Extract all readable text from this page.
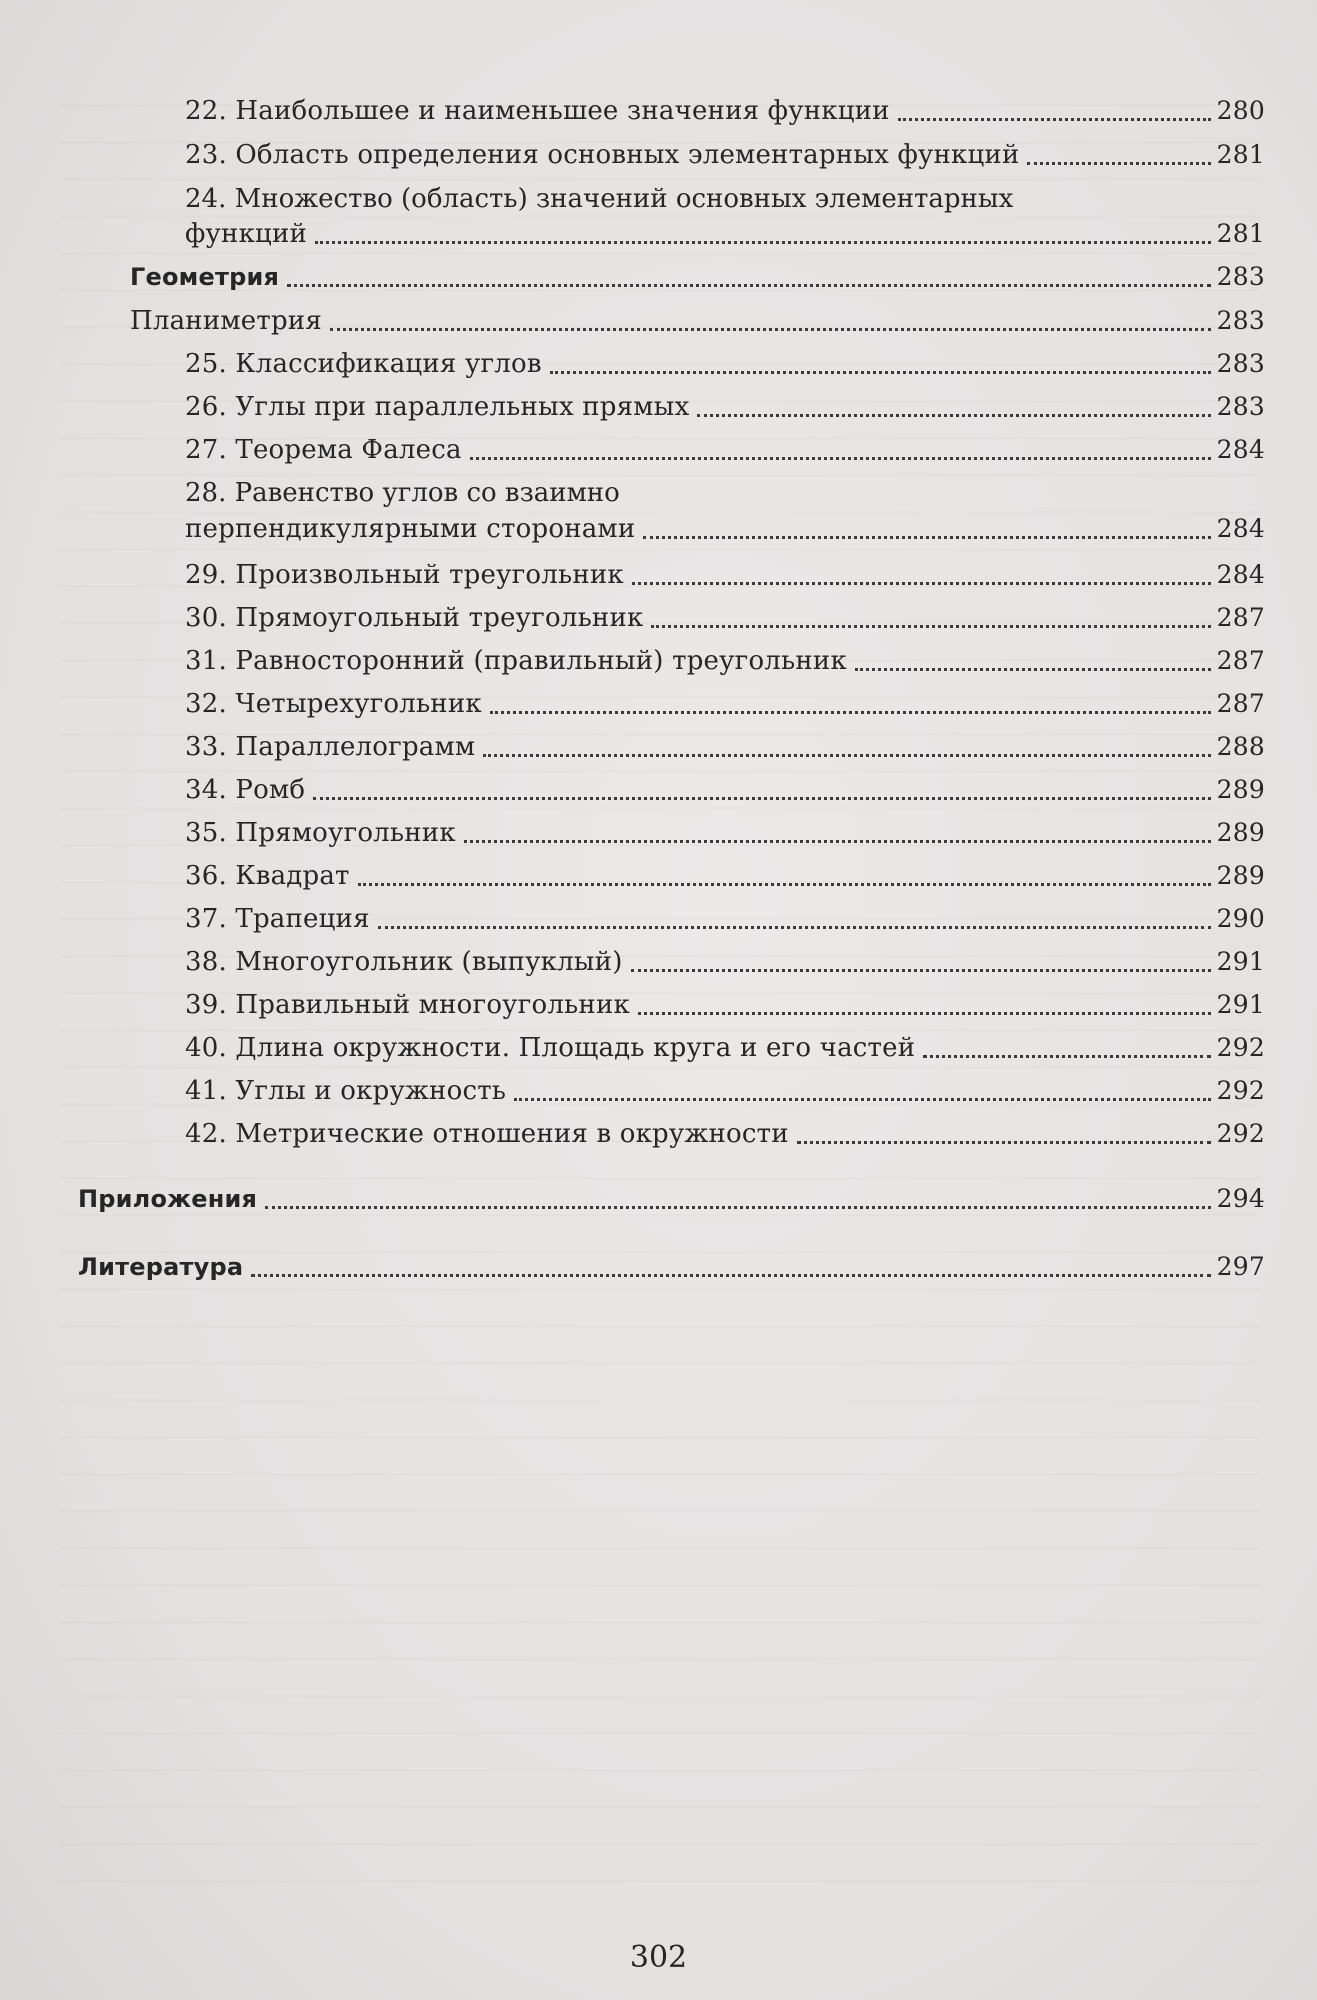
22. Наибольшее и наименьшее значения функции	280
23. Область определения основных элементарных функций	281
24. Множество (область) значений основных элементарных
функций	281
Геометрия	283
Планиметрия	283
25. Классификация углов	283
26. Углы при параллельных прямых	283
27. Теорема Фалеса	284
28. Равенство углов со взаимно
перпендикулярными сторонами	284
29. Произвольный треугольник	284
30. Прямоугольный треугольник	287
31. Равносторонний (правильный) треугольник	287
32. Четырехугольник	287
33. Параллелограмм	288
34. Ромб	289
35. Прямоугольник	289
36. Квадрат	289
37. Трапеция	290
38. Многоугольник (выпуклый)	291
39. Правильный многоугольник	291
40. Длина окружности. Площадь круга и его частей	292
41. Углы и окружность	292
42. Метрические отношения в окружности	292
Приложения	294
Литература	297
302
